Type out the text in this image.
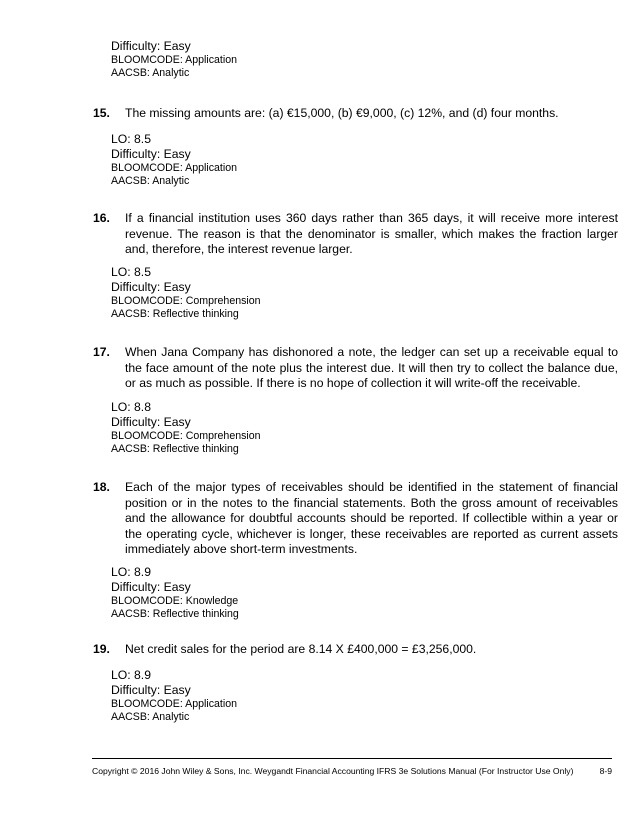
Difficulty: Easy
BLOOMCODE: Application
AACSB: Analytic
15. The missing amounts are: (a) €15,000, (b) €9,000, (c) 12%, and (d) four months.
LO: 8.5
Difficulty: Easy
BLOOMCODE: Application
AACSB: Analytic
16. If a financial institution uses 360 days rather than 365 days, it will receive more interest revenue. The reason is that the denominator is smaller, which makes the fraction larger and, therefore, the interest revenue larger.
LO: 8.5
Difficulty: Easy
BLOOMCODE: Comprehension
AACSB: Reflective thinking
17. When Jana Company has dishonored a note, the ledger can set up a receivable equal to the face amount of the note plus the interest due. It will then try to collect the balance due, or as much as possible. If there is no hope of collection it will write-off the receivable.
LO: 8.8
Difficulty: Easy
BLOOMCODE: Comprehension
AACSB: Reflective thinking
18. Each of the major types of receivables should be identified in the statement of financial position or in the notes to the financial statements. Both the gross amount of receivables and the allowance for doubtful accounts should be reported. If collectible within a year or the operating cycle, whichever is longer, these receivables are reported as current assets immediately above short-term investments.
LO: 8.9
Difficulty: Easy
BLOOMCODE: Knowledge
AACSB: Reflective thinking
19. Net credit sales for the period are 8.14 X £400,000 = £3,256,000.
LO: 8.9
Difficulty: Easy
BLOOMCODE: Application
AACSB: Analytic
Copyright © 2016 John Wiley & Sons, Inc. Weygandt Financial Accounting IFRS 3e Solutions Manual (For Instructor Use Only)	8-9
